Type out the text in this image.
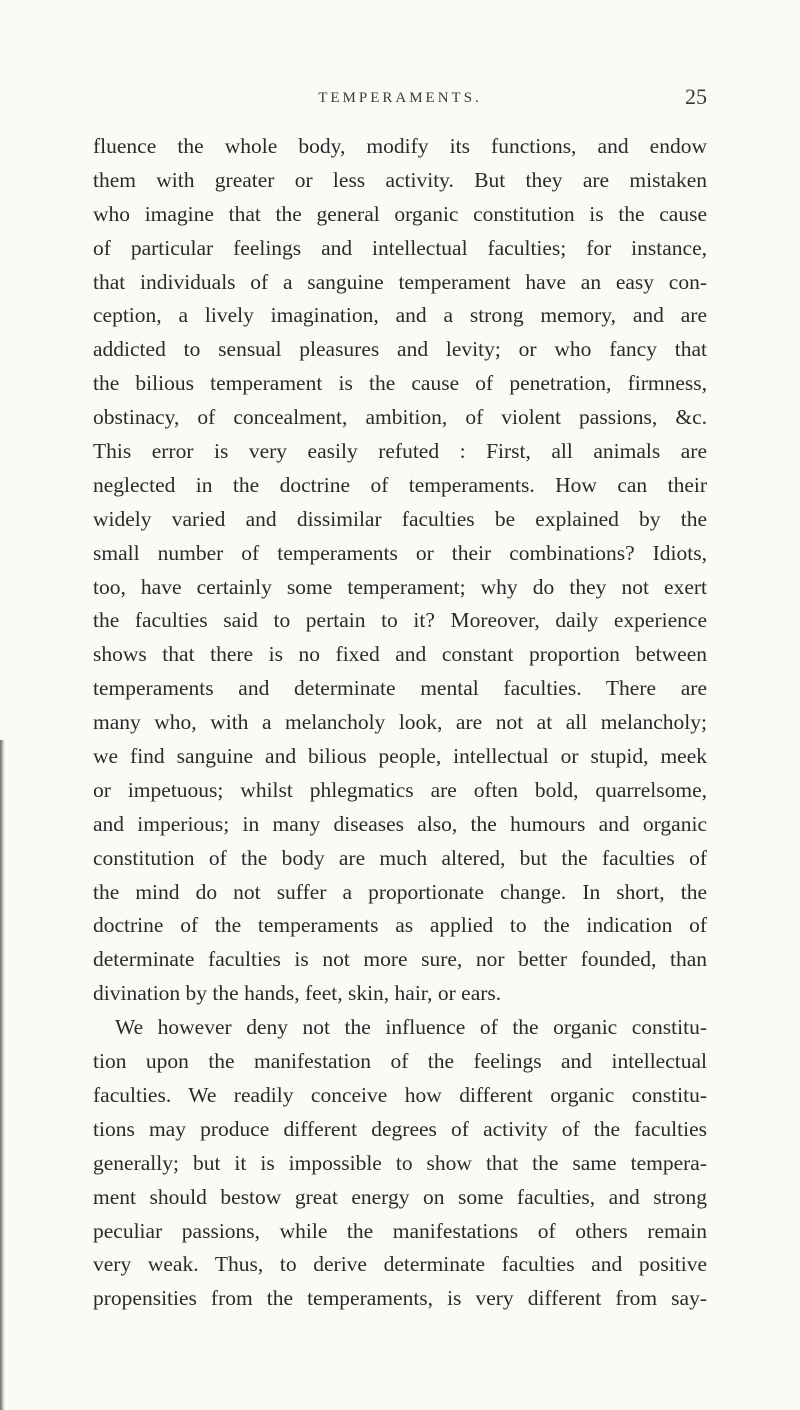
TEMPERAMENTS.	25
fluence the whole body, modify its functions, and endow
them with greater or less activity. But they are mistaken
who imagine that the general organic constitution is the cause
of particular feelings and intellectual faculties; for instance,
that individuals of a sanguine temperament have an easy con-
ception, a lively imagination, and a strong memory, and are
addicted to sensual pleasures and levity; or who fancy that
the bilious temperament is the cause of penetration, firmness,
obstinacy, of concealment, ambition, of violent passions, &c.
This error is very easily refuted : First, all animals are
neglected in the doctrine of temperaments. How can their
widely varied and dissimilar faculties be explained by the
small number of temperaments or their combinations? Idiots,
too, have certainly some temperament; why do they not exert
the faculties said to pertain to it? Moreover, daily experience
shows that there is no fixed and constant proportion between
temperaments and determinate mental faculties. There are
many who, with a melancholy look, are not at all melancholy;
we find sanguine and bilious people, intellectual or stupid, meek
or impetuous; whilst phlegmatics are often bold, quarrelsome,
and imperious; in many diseases also, the humours and organic
constitution of the body are much altered, but the faculties of
the mind do not suffer a proportionate change. In short, the
doctrine of the temperaments as applied to the indication of
determinate faculties is not more sure, nor better founded, than
divination by the hands, feet, skin, hair, or ears.
We however deny not the influence of the organic constitu-
tion upon the manifestation of the feelings and intellectual
faculties. We readily conceive how different organic constitu-
tions may produce different degrees of activity of the faculties
generally; but it is impossible to show that the same tempera-
ment should bestow great energy on some faculties, and strong
peculiar passions, while the manifestations of others remain
very weak. Thus, to derive determinate faculties and positive
propensities from the temperaments, is very different from say-
